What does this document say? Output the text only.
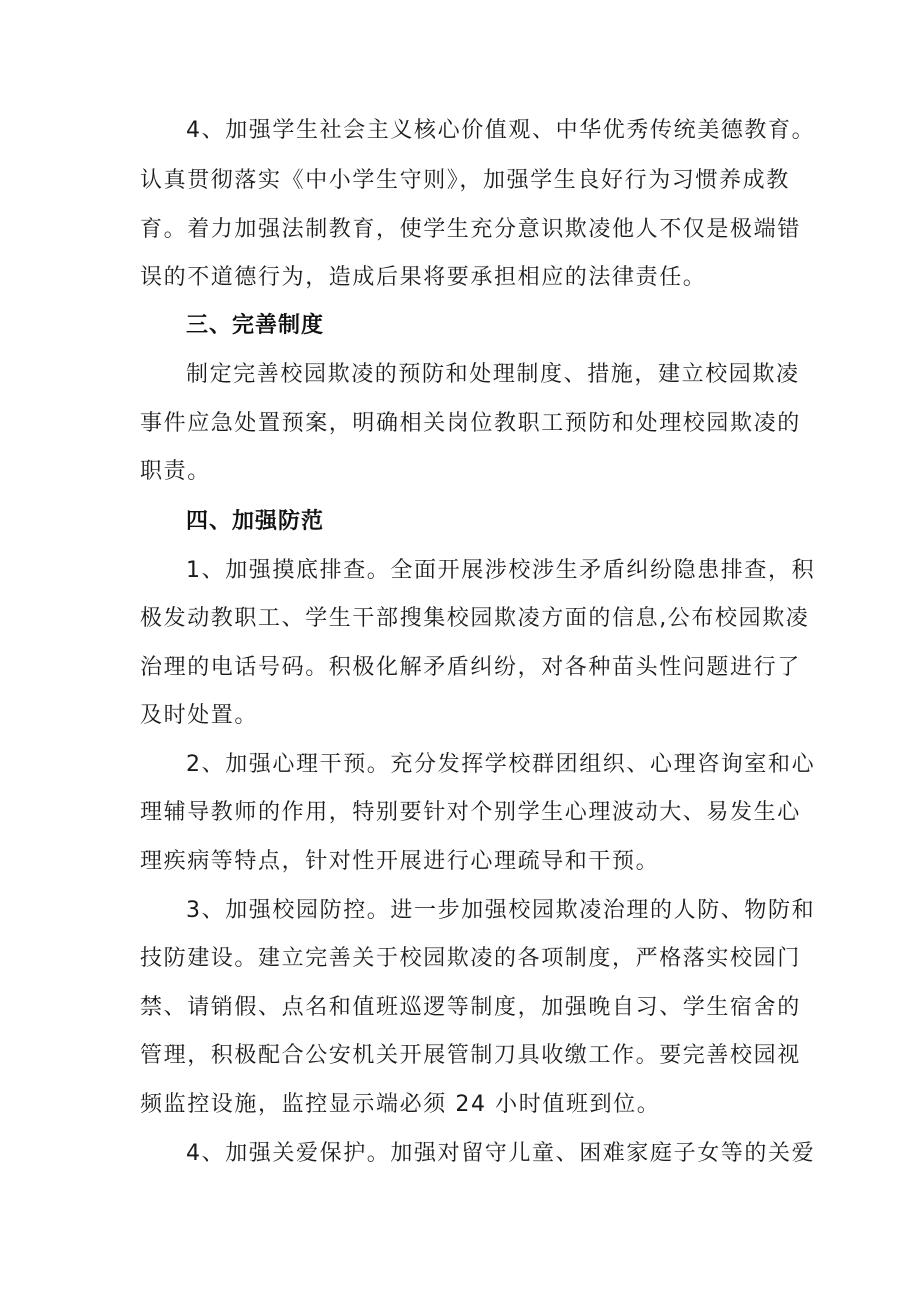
4、加强学生社会主义核心价值观、中华优秀传统美德教育。
认真贯彻落实《中小学生守则》，加强学生良好行为习惯养成教
育。着力加强法制教育，使学生充分意识欺凌他人不仅是极端错
误的不道德行为，造成后果将要承担相应的法律责任。
三、完善制度
制定完善校园欺凌的预防和处理制度、措施，建立校园欺凌
事件应急处置预案，明确相关岗位教职工预防和处理校园欺凌的
职责。
四、加强防范
1、加强摸底排查。全面开展涉校涉生矛盾纠纷隐患排查，积
极发动教职工、学生干部搜集校园欺凌方面的信息,公布校园欺凌
治理的电话号码。积极化解矛盾纠纷，对各种苗头性问题进行了
及时处置。
2、加强心理干预。充分发挥学校群团组织、心理咨询室和心
理辅导教师的作用，特别要针对个别学生心理波动大、易发生心
理疾病等特点，针对性开展进行心理疏导和干预。
3、加强校园防控。进一步加强校园欺凌治理的人防、物防和
技防建设。建立完善关于校园欺凌的各项制度，严格落实校园门
禁、请销假、点名和值班巡逻等制度，加强晚自习、学生宿舍的
管理，积极配合公安机关开展管制刀具收缴工作。要完善校园视
频监控设施，监控显示端必须 24 小时值班到位。
4、加强关爱保护。加强对留守儿童、困难家庭子女等的关爱
